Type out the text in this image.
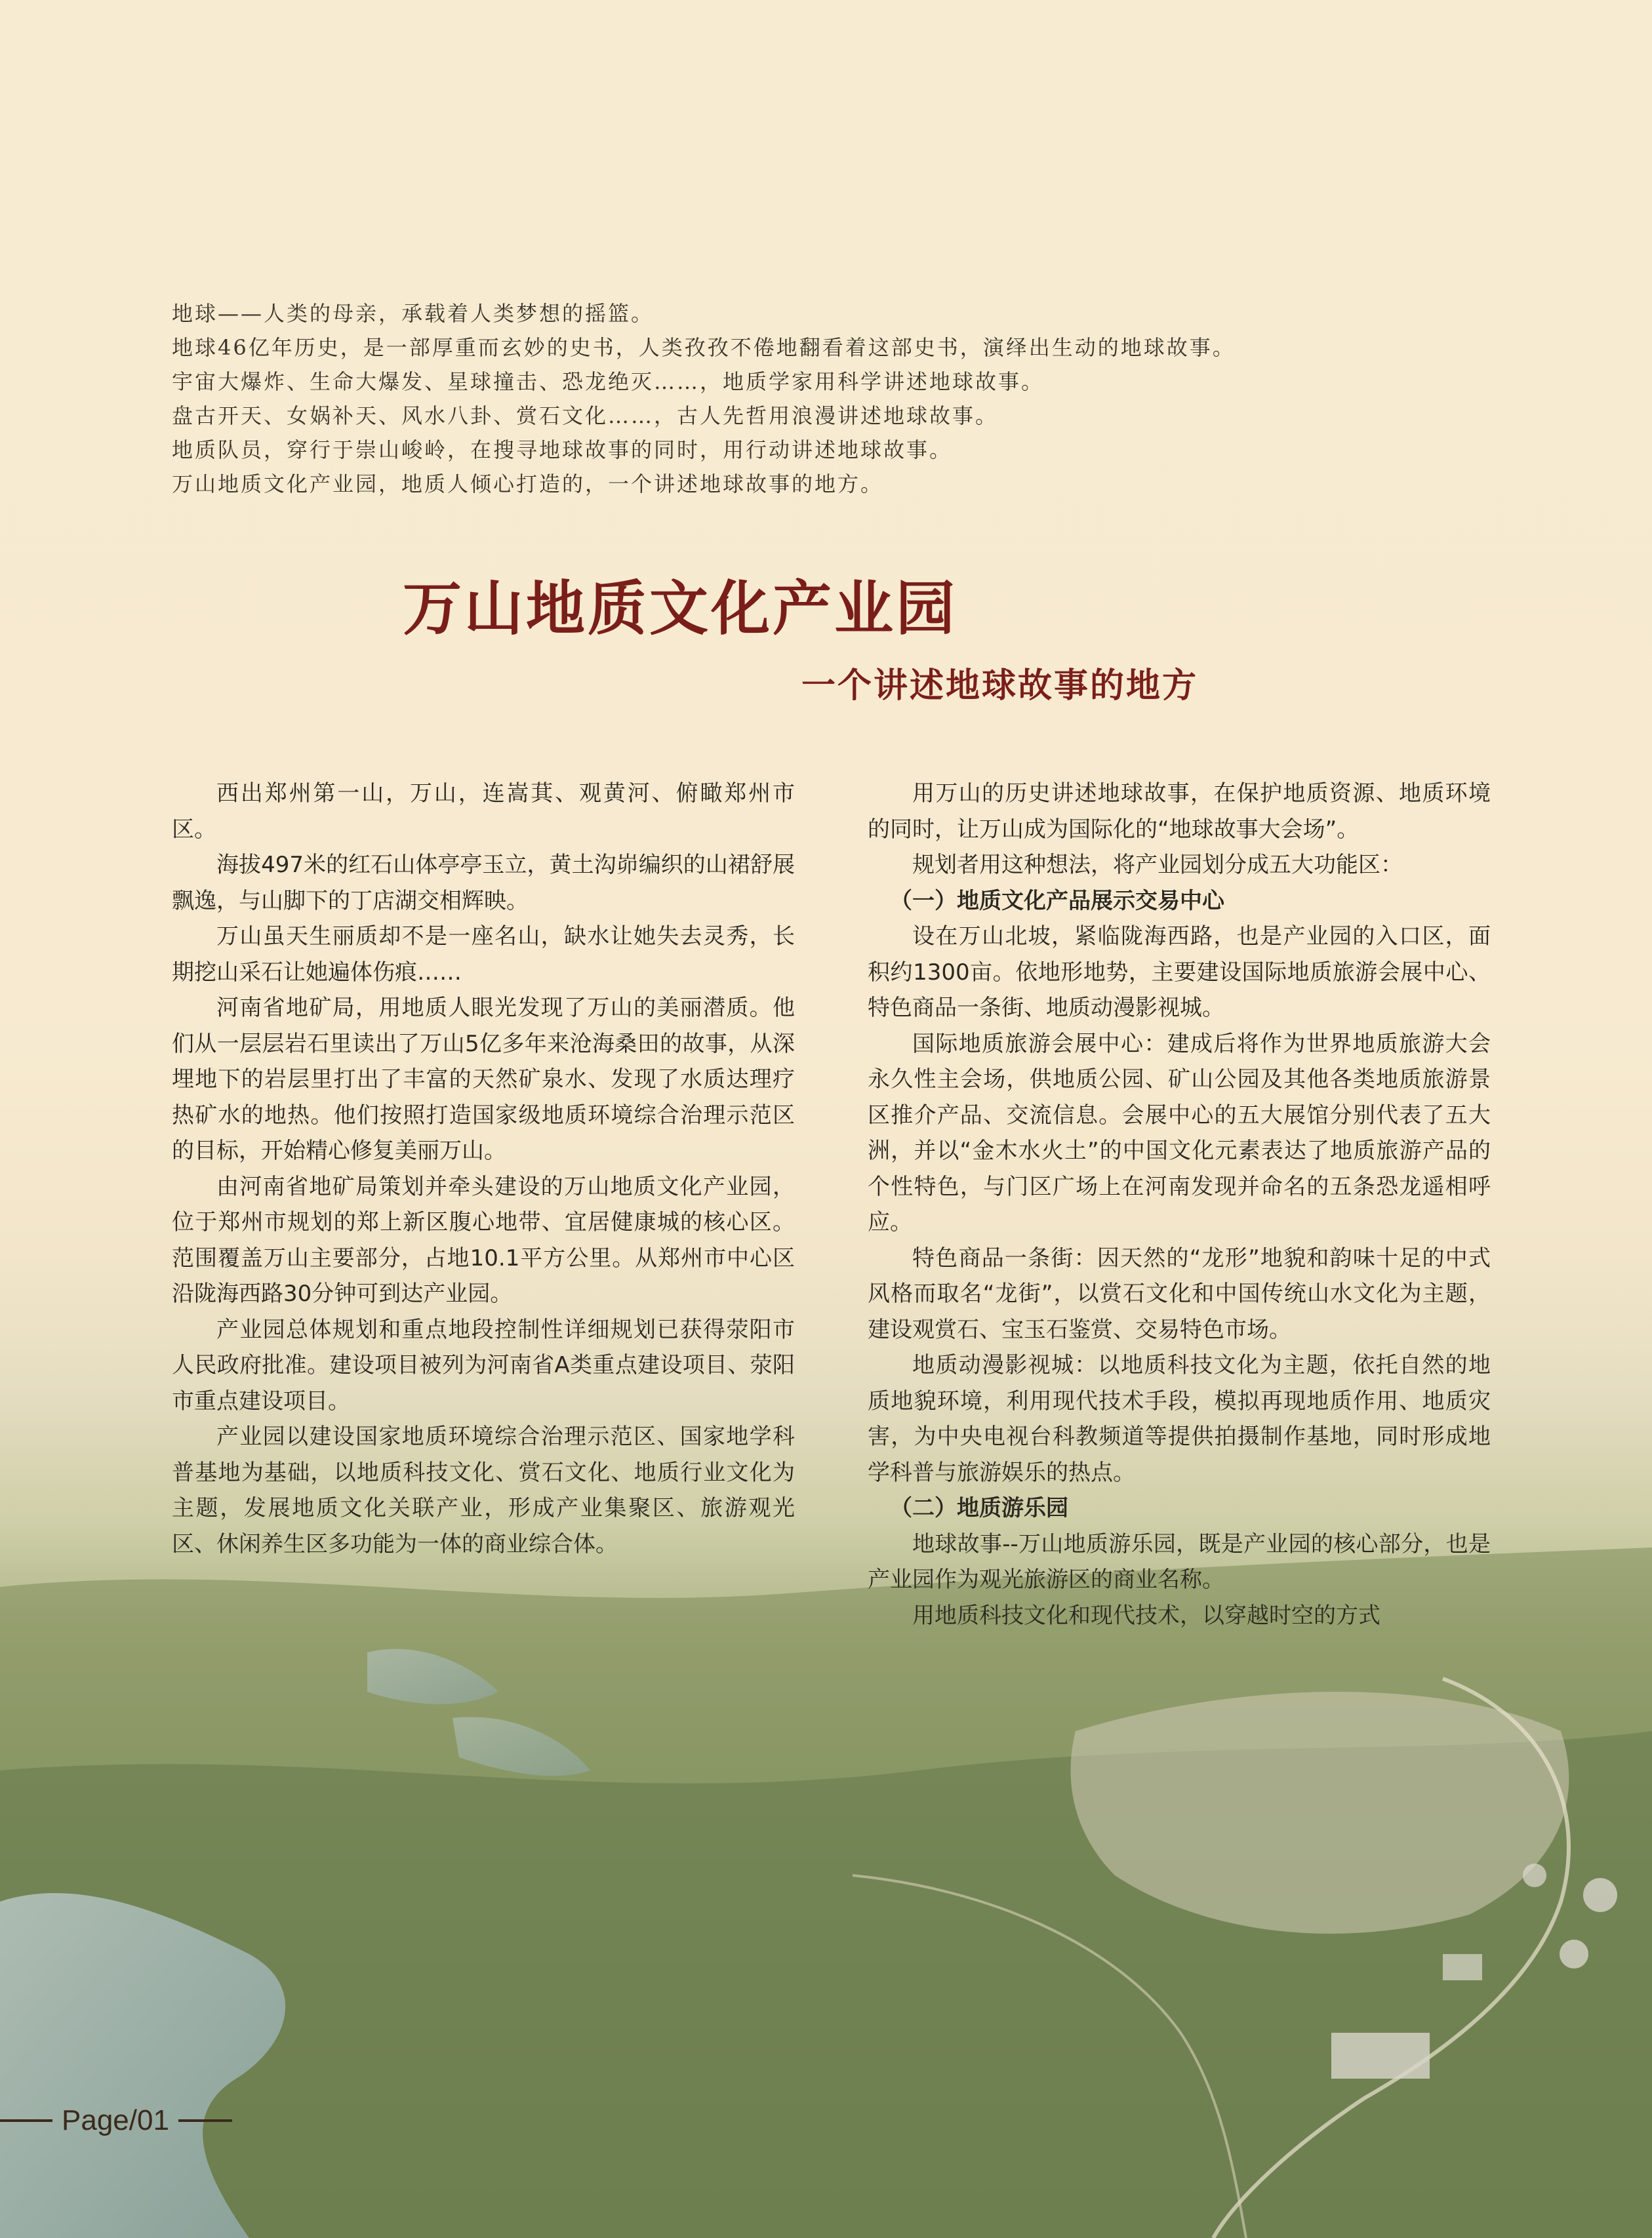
地球——人类的母亲，承载着人类梦想的摇篮。
地球46亿年历史，是一部厚重而玄妙的史书，人类孜孜不倦地翻看着这部史书，演绎出生动的地球故事。
宇宙大爆炸、生命大爆发、星球撞击、恐龙绝灭……，地质学家用科学讲述地球故事。
盘古开天、女娲补天、风水八卦、赏石文化……，古人先哲用浪漫讲述地球故事。
地质队员，穿行于崇山峻岭，在搜寻地球故事的同时，用行动讲述地球故事。
万山地质文化产业园，地质人倾心打造的，一个讲述地球故事的地方。
万山地质文化产业园
一个讲述地球故事的地方

西出郑州第一山，万山，连嵩萁、观黄河、俯瞰郑州市区。

海拔497米的红石山体亭亭玉立，黄土沟峁编织的山裙舒展飘逸，与山脚下的丁店湖交相辉映。

万山虽天生丽质却不是一座名山，缺水让她失去灵秀，长期挖山采石让她遍体伤痕……

河南省地矿局，用地质人眼光发现了万山的美丽潜质。他们从一层层岩石里读出了万山5亿多年来沧海桑田的故事，从深埋地下的岩层里打出了丰富的天然矿泉水、发现了水质达理疗热矿水的地热。他们按照打造国家级地质环境综合治理示范区的目标，开始精心修复美丽万山。

由河南省地矿局策划并牵头建设的万山地质文化产业园，位于郑州市规划的郑上新区腹心地带、宜居健康城的核心区。范围覆盖万山主要部分，占地10.1平方公里。从郑州市中心区沿陇海西路30分钟可到达产业园。

产业园总体规划和重点地段控制性详细规划已获得荥阳市人民政府批准。建设项目被列为河南省A类重点建设项目、荥阳市重点建设项目。

产业园以建设国家地质环境综合治理示范区、国家地学科普基地为基础，以地质科技文化、赏石文化、地质行业文化为主题，发展地质文化关联产业，形成产业集聚区、旅游观光区、休闲养生区多功能为一体的商业综合体。

用万山的历史讲述地球故事，在保护地质资源、地质环境的同时，让万山成为国际化的“地球故事大会场”。

规划者用这种想法，将产业园划分成五大功能区：

（一）地质文化产品展示交易中心

设在万山北坡，紧临陇海西路，也是产业园的入口区，面积约1300亩。依地形地势，主要建设国际地质旅游会展中心、特色商品一条街、地质动漫影视城。

国际地质旅游会展中心：建成后将作为世界地质旅游大会永久性主会场，供地质公园、矿山公园及其他各类地质旅游景区推介产品、交流信息。会展中心的五大展馆分别代表了五大洲，并以“金木水火土”的中国文化元素表达了地质旅游产品的个性特色，与门区广场上在河南发现并命名的五条恐龙遥相呼应。

特色商品一条街：因天然的“龙形”地貌和韵味十足的中式风格而取名“龙街”，以赏石文化和中国传统山水文化为主题，建设观赏石、宝玉石鉴赏、交易特色市场。

地质动漫影视城：以地质科技文化为主题，依托自然的地质地貌环境，利用现代技术手段，模拟再现地质作用、地质灾害，为中央电视台科教频道等提供拍摄制作基地，同时形成地学科普与旅游娱乐的热点。

（二）地质游乐园

地球故事--万山地质游乐园，既是产业园的核心部分，也是产业园作为观光旅游区的商业名称。

用地质科技文化和现代技术，以穿越时空的方式

Page/01
